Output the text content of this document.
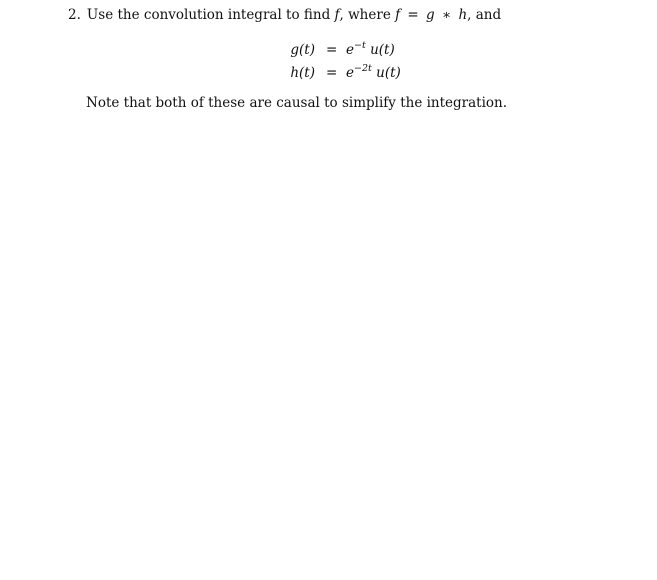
2. Use the convolution integral to find f, where f = g ∗ h, and
$g(t) = e^{-t}$ u(t)
$h(t) = e^{-2t}$ u(t)
Note that both of these are causal to simplify the integration.
